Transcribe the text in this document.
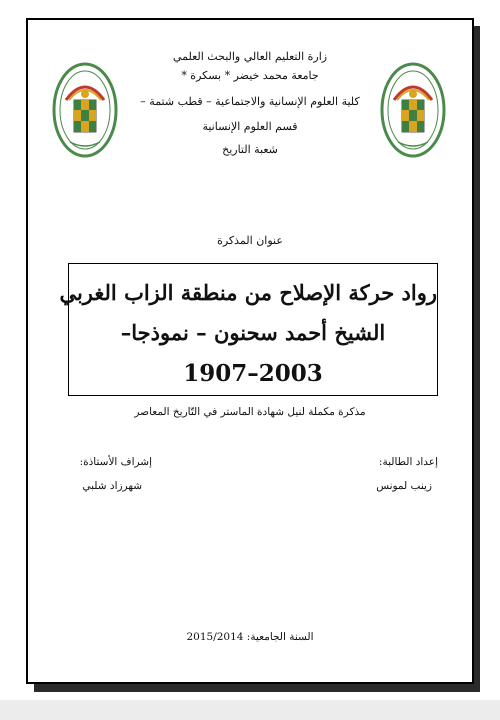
زارة التعليم العالي والبحث العلمي
جامعة محمد خيضر * بسكرة *
كلية العلوم الإنسانية والاجتماعية – قطب شتمة –
قسم العلوم الإنسانية
شعبة التاريخ
عنوان المذكرة
رواد حركة الإصلاح من منطقة الزاب الغربي
الشيخ أحمد سحنون – نموذجا–
1907–2003
مذكرة مكملة لنيل شهادة الماستر في التّاريخ المعاصر
إعداد الطالبة:
زينب لمونس
إشراف الأستاذة:
شهرزاد شلبي
السنة الجامعية: 2015/2014
